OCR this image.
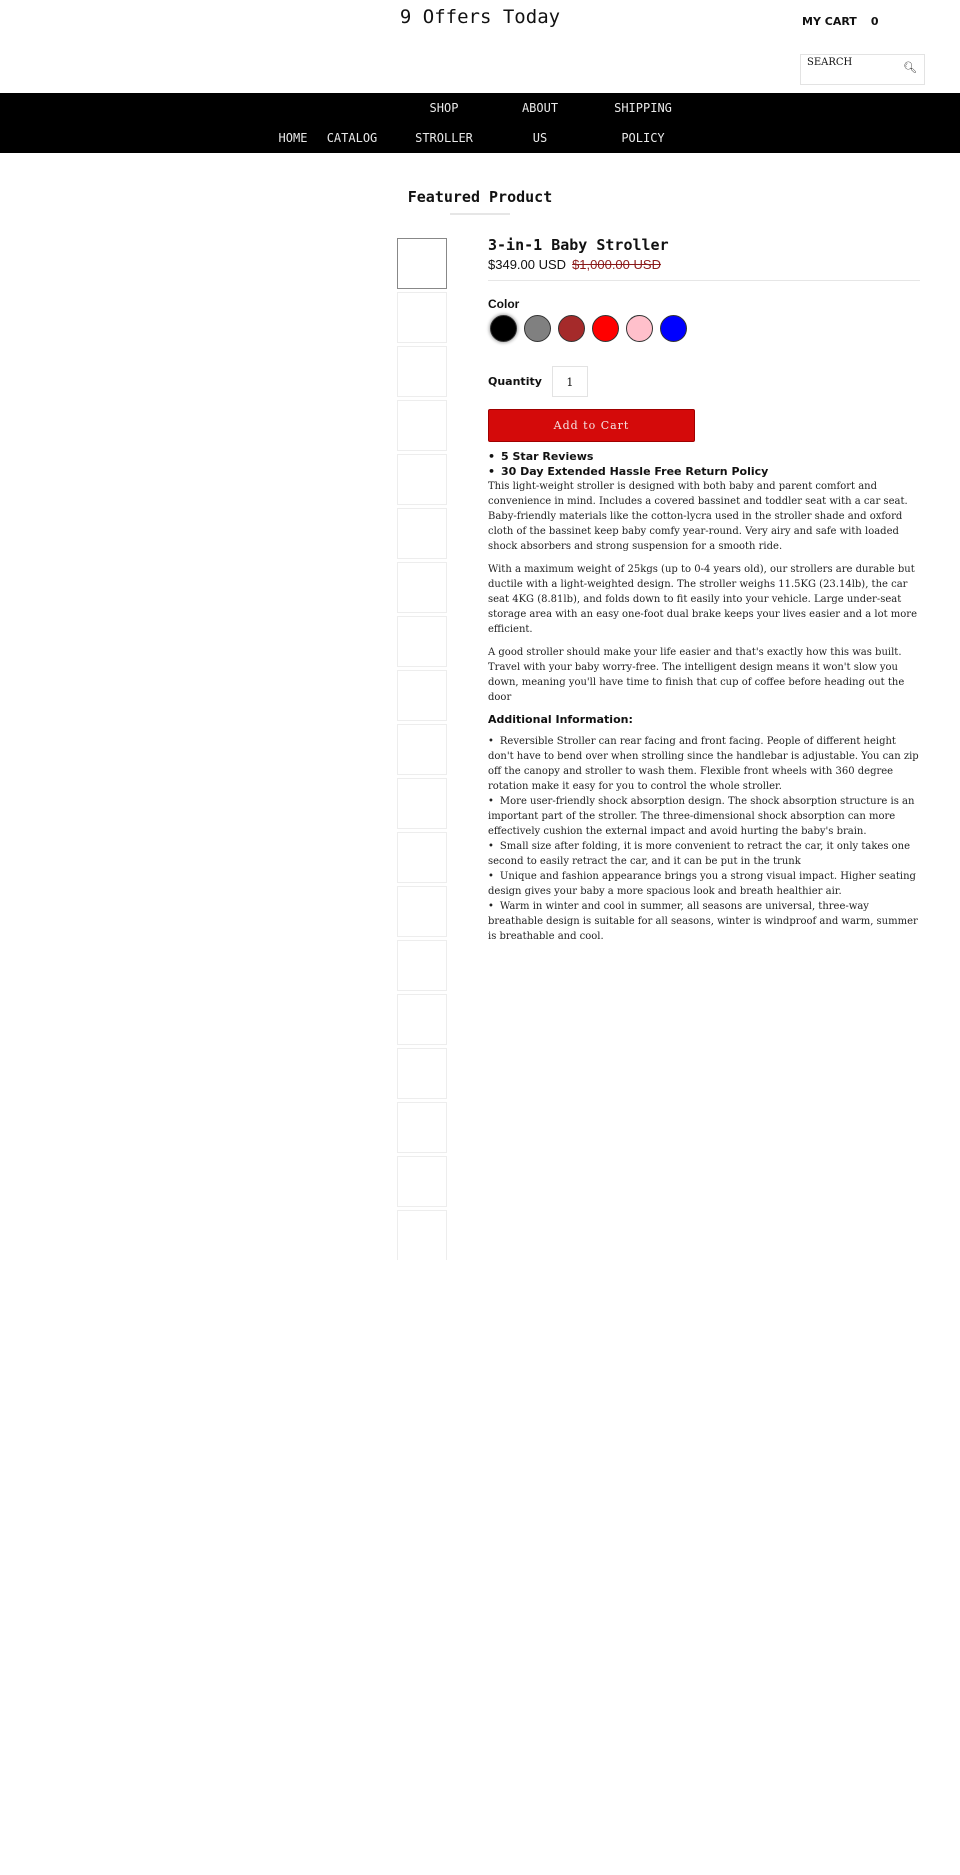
9 Offers Today	MY CART 0
SEARCH	🔍︎
HOME	CATALOG
SHOP
STROLLER
ABOUT
US
SHIPPING
POLICY
Featured Product
3-in-1 Baby Stroller
$349.00 USD $1,000.00 USD
Color
Quantity	1
Add to Cart
• 5 Star Reviews
• 30 Day Extended Hassle Free Return Policy

This light-weight stroller is designed with both baby and parent comfort and convenience in mind. Includes a covered bassinet and toddler seat with a car seat. Baby-friendly materials like the cotton-lycra used in the stroller shade and oxford cloth of the bassinet keep baby comfy year-round. Very airy and safe with loaded shock absorbers and strong suspension for a smooth ride.

With a maximum weight of 25kgs (up to 0-4 years old), our strollers are durable but ductile with a light-weighted design. The stroller weighs 11.5KG (23.14lb), the car seat 4KG (8.81lb), and folds down to fit easily into your vehicle. Large under-seat storage area with an easy one-foot dual brake keeps your lives easier and a lot more efficient.

A good stroller should make your life easier and that's exactly how this was built. Travel with your baby worry-free. The intelligent design means it won't slow you down, meaning you'll have time to finish that cup of coffee before heading out the door

Additional Information:
• Reversible Stroller can rear facing and front facing. People of different height don't have to bend over when strolling since the handlebar is adjustable. You can zip off the canopy and stroller to wash them. Flexible front wheels with 360 degree rotation make it easy for you to control the whole stroller.
• More user-friendly shock absorption design. The shock absorption structure is an important part of the stroller. The three-dimensional shock absorption can more effectively cushion the external impact and avoid hurting the baby's brain.
• Small size after folding, it is more convenient to retract the car, it only takes one second to easily retract the car, and it can be put in the trunk
• Unique and fashion appearance brings you a strong visual impact. Higher seating design gives your baby a more spacious look and breath healthier air.
• Warm in winter and cool in summer, all seasons are universal, three-way breathable design is suitable for all seasons, winter is windproof and warm, summer is breathable and cool.
